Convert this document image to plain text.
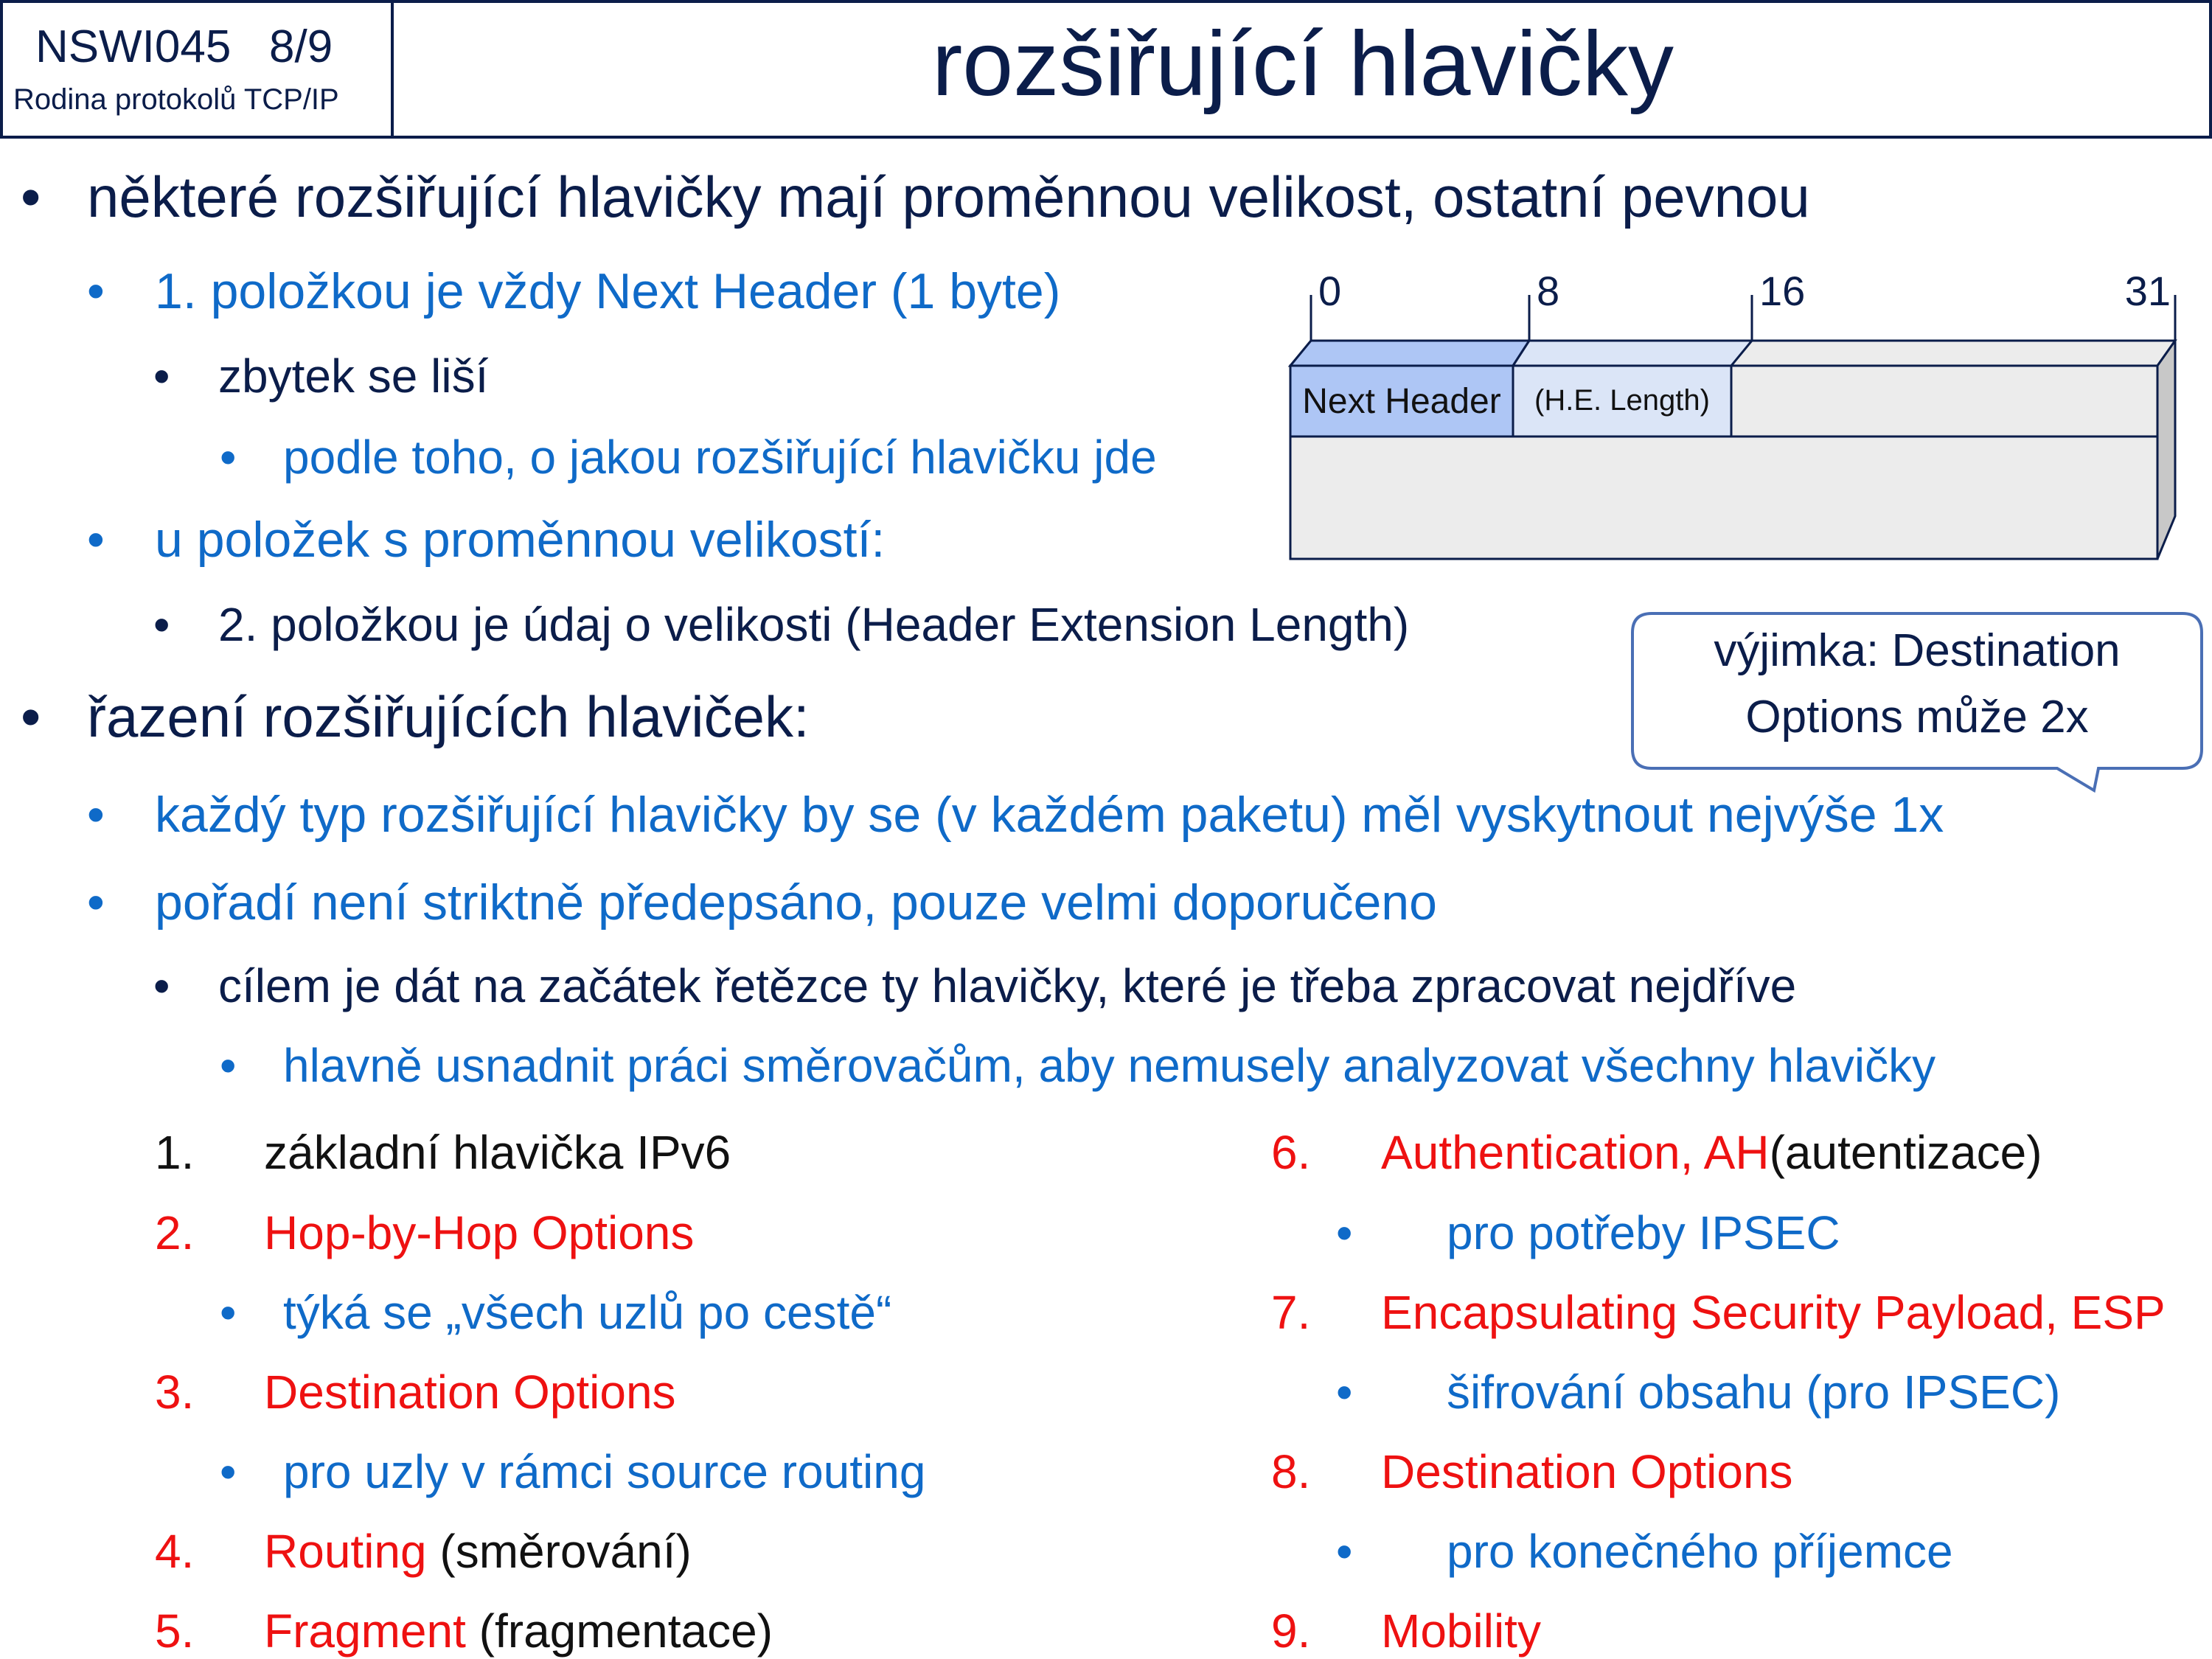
NSWI045   8/9
Rodina protokolů TCP/IP	rozšiřující hlavičky
• některé rozšiřující hlavičky mají proměnnou velikost, ostatní pevnou
• 1. položkou je vždy Next Header (1 byte)
• zbytek se liší
• podle toho, o jakou rozšiřující hlavičku jde
• u položek s proměnnou velikostí:
• 2. položkou je údaj o velikosti (Header Extension Length)
• řazení rozšiřujících hlaviček:
• každý typ rozšiřující hlavičky by se (v každém paketu) měl vyskytnout nejvýše 1x
• pořadí není striktně předepsáno, pouze velmi doporučeno
• cílem je dát na začátek řetězce ty hlavičky, které je třeba zpracovat nejdříve
• hlavně usnadnit práci směrovačům, aby nemusely analyzovat všechny hlavičky
0	8	16	31
Next Header (H.E. Length)
výjimka: Destination Options může 2x
1. základní hlavička IPv6
2. Hop-by-Hop Options
• týká se „všech uzlů po cestě“
3. Destination Options
• pro uzly v rámci source routing
4. Routing (směrování)
5. Fragment (fragmentace)
6. Authentication, AH(autentizace)
• pro potřeby IPSEC
7. Encapsulating Security Payload, ESP
• šifrování obsahu (pro IPSEC)
8. Destination Options
• pro konečného příjemce
9. Mobility
